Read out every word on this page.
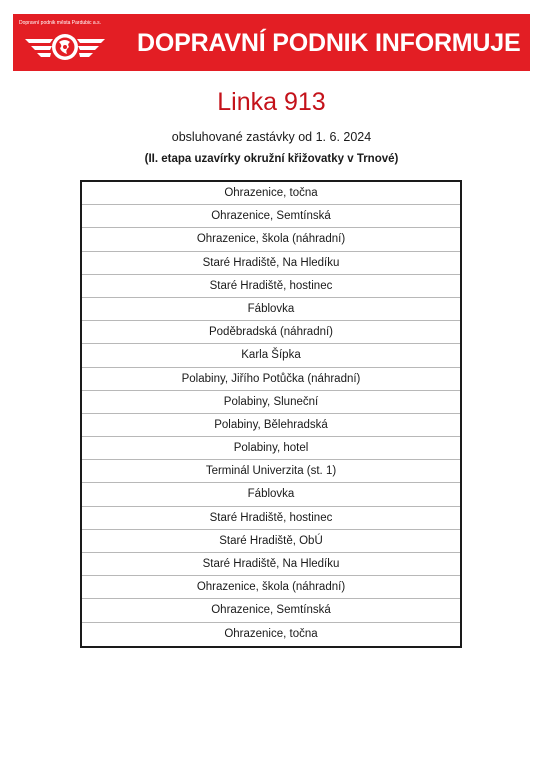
Dopravní podnik města Pardubic a.s.
DOPRAVNÍ PODNIK INFORMUJE
Linka 913
obsluhované zastávky od 1. 6. 2024
(II. etapa uzavírky okružní křižovatky v Trnové)
Ohrazenice, točna
Ohrazenice, Semtínská
Ohrazenice, škola (náhradní)
Staré Hradiště, Na Hledíku
Staré Hradiště, hostinec
Fáblovka
Poděbradská (náhradní)
Karla Šípka
Polabiny, Jiřího Potůčka (náhradní)
Polabiny, Sluneční
Polabiny, Bělehradská
Polabiny, hotel
Terminál Univerzita (st. 1)
Fáblovka
Staré Hradiště, hostinec
Staré Hradiště, ObÚ
Staré Hradiště, Na Hledíku
Ohrazenice, škola (náhradní)
Ohrazenice, Semtínská
Ohrazenice, točna
